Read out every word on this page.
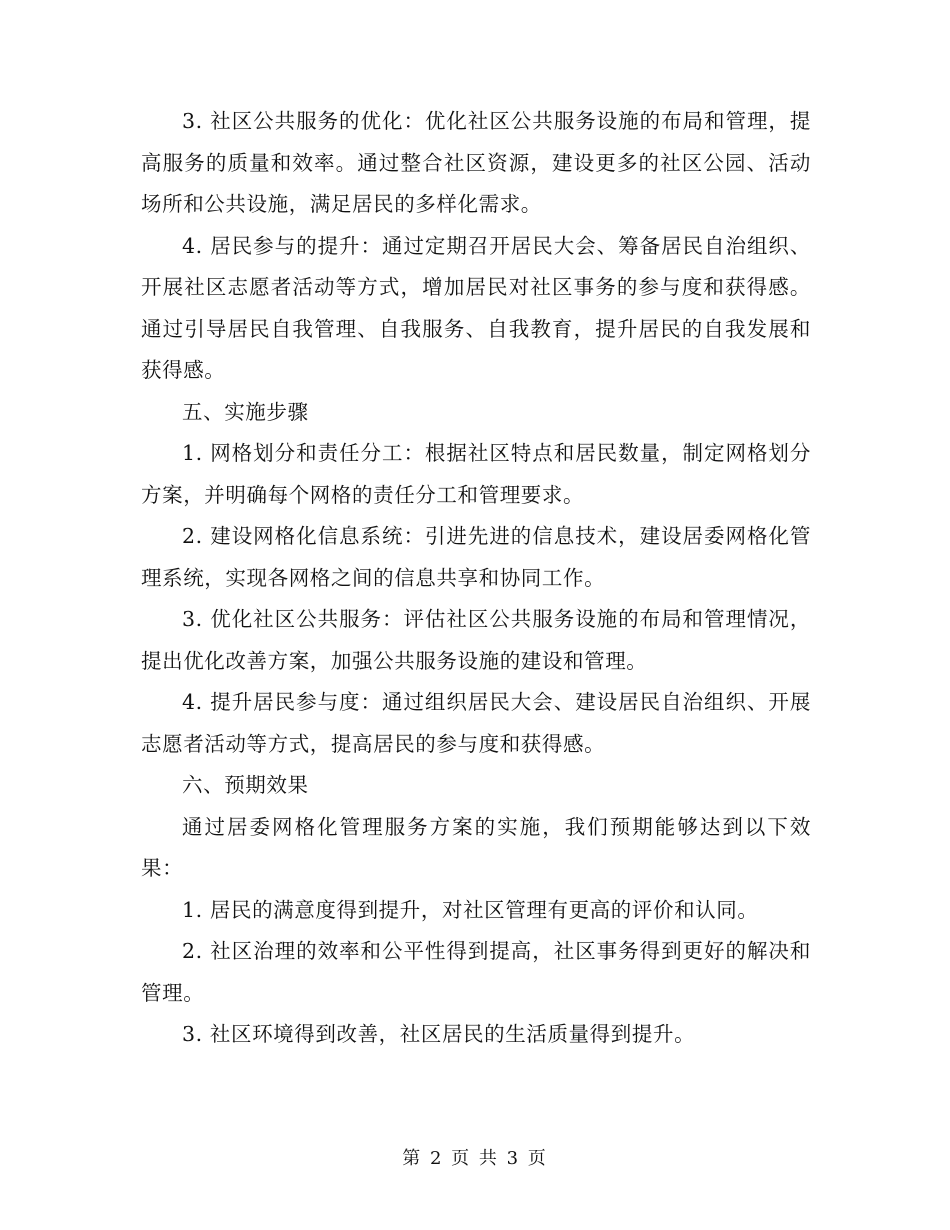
3. 社区公共服务的优化：优化社区公共服务设施的布局和管理，提高服务的质量和效率。通过整合社区资源，建设更多的社区公园、活动场所和公共设施，满足居民的多样化需求。

4. 居民参与的提升：通过定期召开居民大会、筹备居民自治组织、开展社区志愿者活动等方式，增加居民对社区事务的参与度和获得感。通过引导居民自我管理、自我服务、自我教育，提升居民的自我发展和获得感。

五、实施步骤

1. 网格划分和责任分工：根据社区特点和居民数量，制定网格划分方案，并明确每个网格的责任分工和管理要求。

2. 建设网格化信息系统：引进先进的信息技术，建设居委网格化管理系统，实现各网格之间的信息共享和协同工作。

3. 优化社区公共服务：评估社区公共服务设施的布局和管理情况，提出优化改善方案，加强公共服务设施的建设和管理。

4. 提升居民参与度：通过组织居民大会、建设居民自治组织、开展志愿者活动等方式，提高居民的参与度和获得感。

六、预期效果

通过居委网格化管理服务方案的实施，我们预期能够达到以下效果：

1. 居民的满意度得到提升，对社区管理有更高的评价和认同。

2. 社区治理的效率和公平性得到提高，社区事务得到更好的解决和管理。

3. 社区环境得到改善，社区居民的生活质量得到提升。

第 2 页 共 3 页
